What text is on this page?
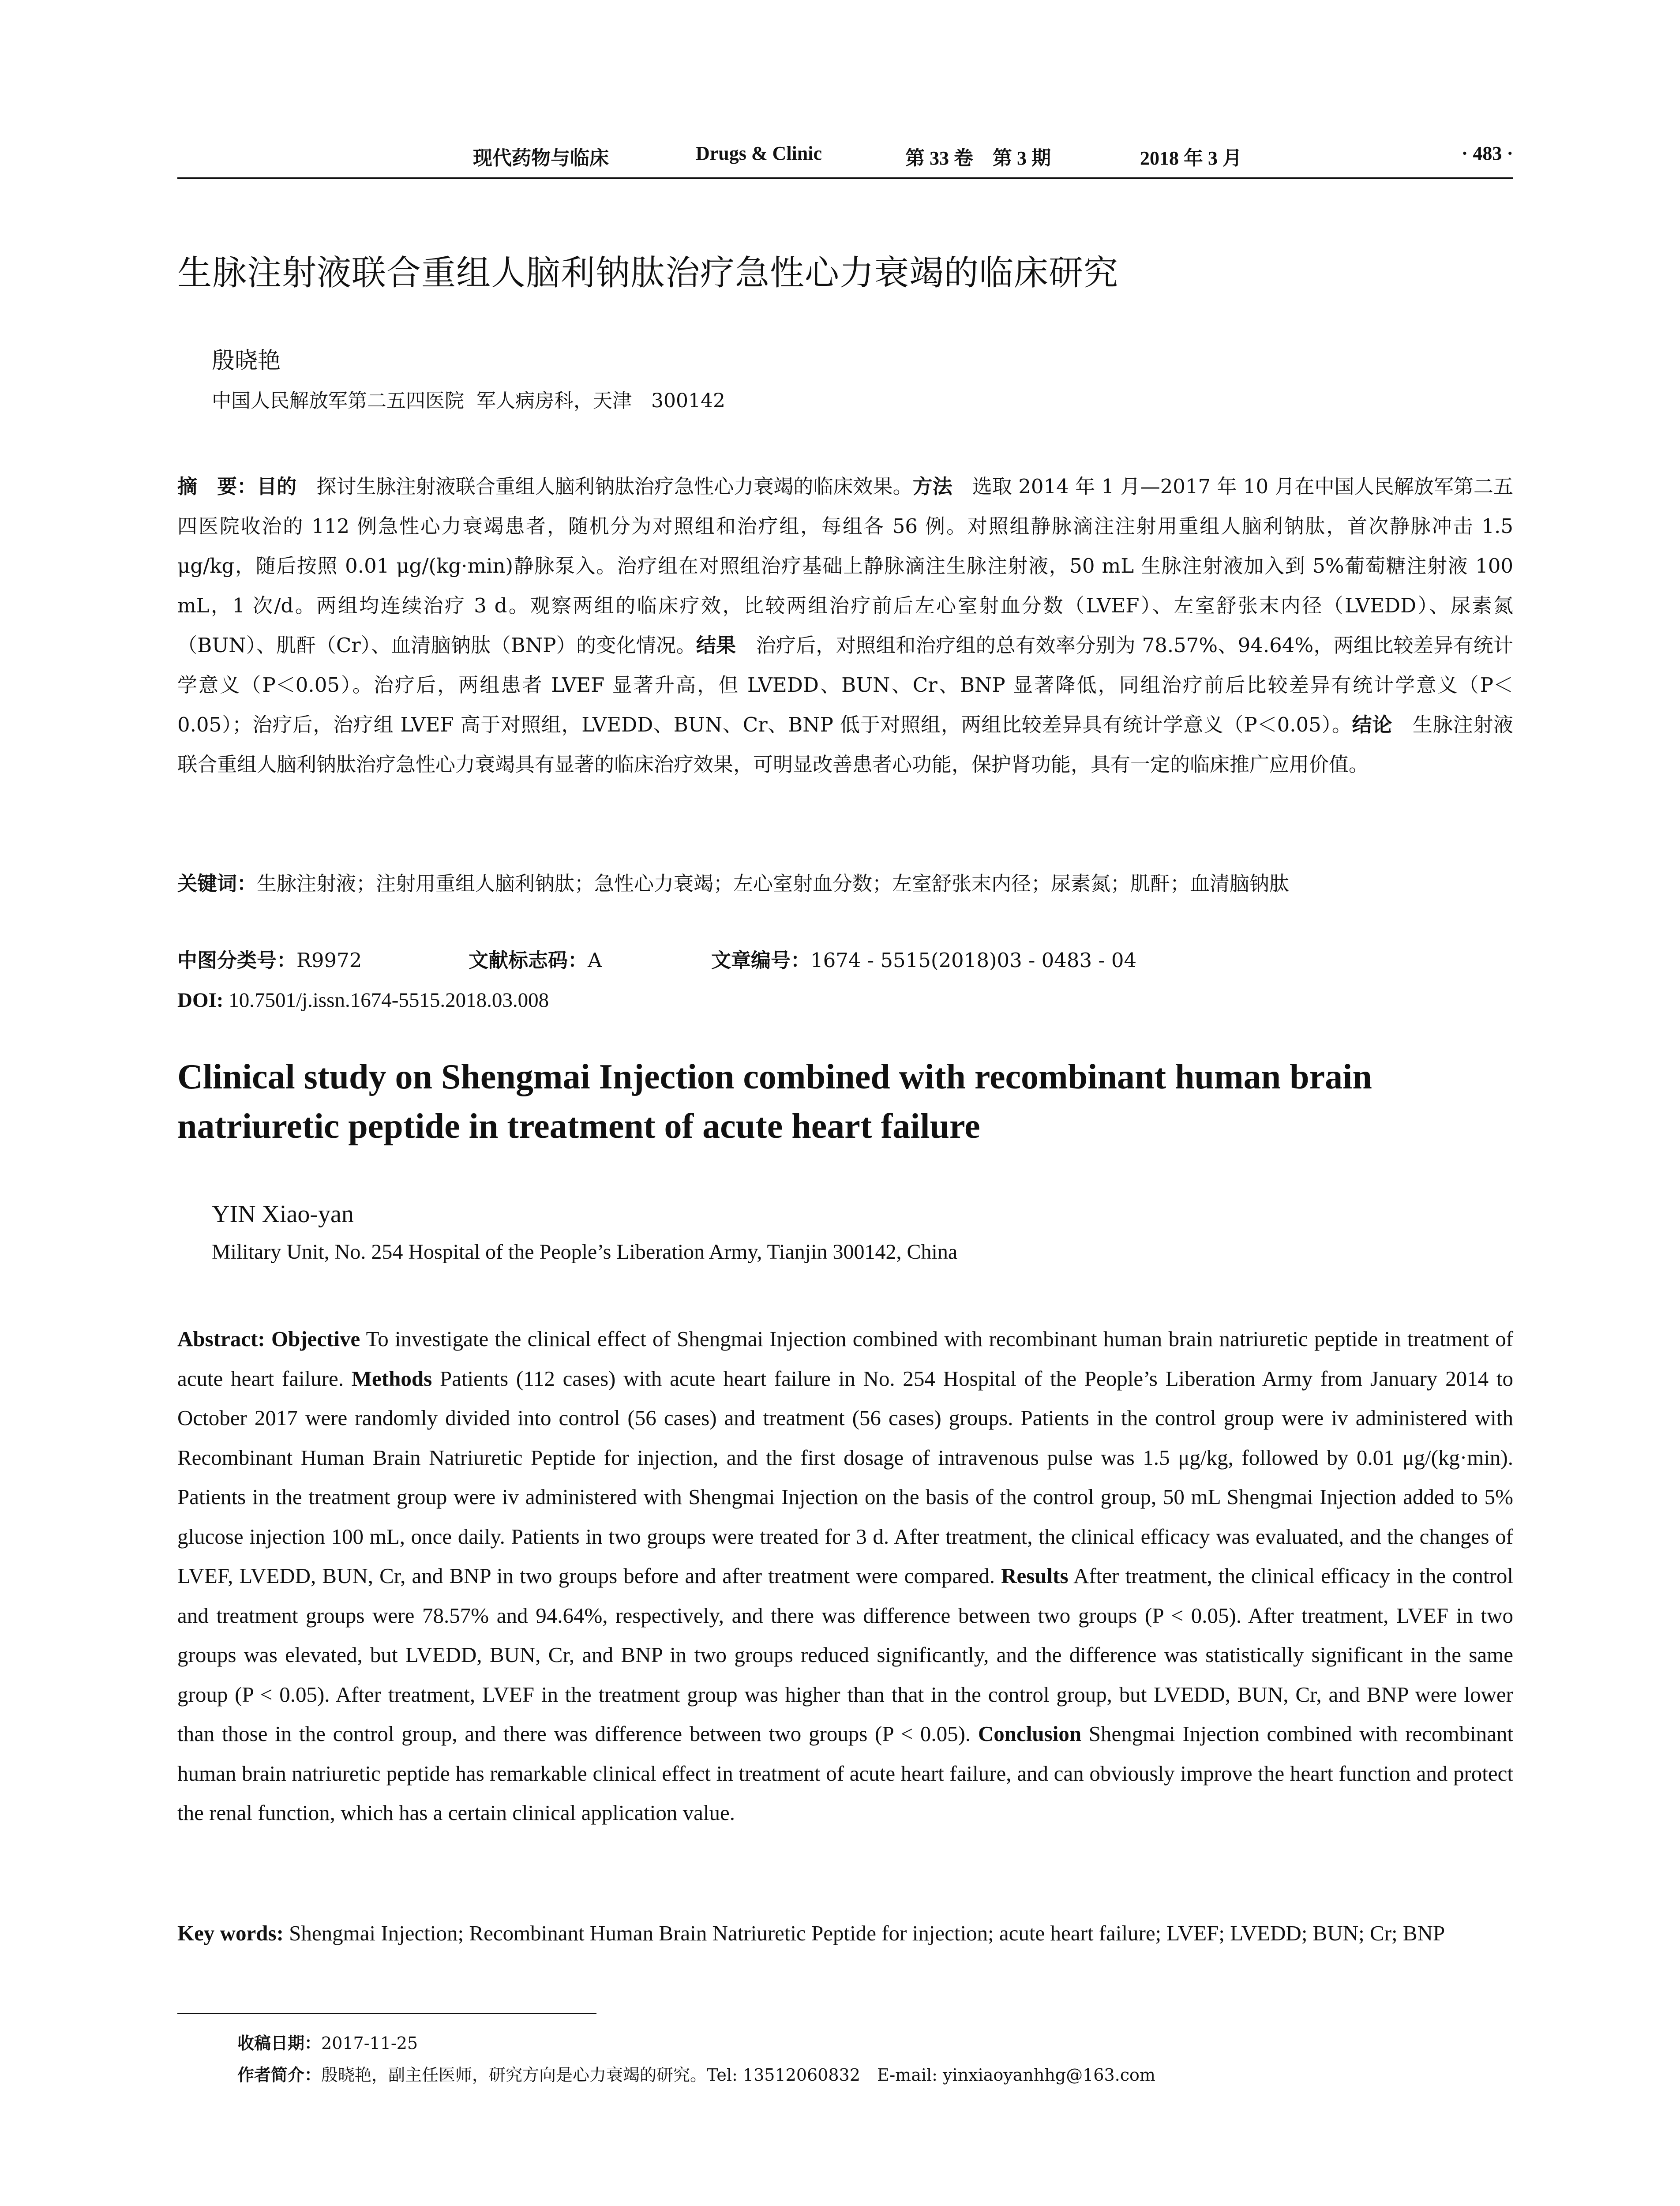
现代药物与临床	Drugs & Clinic	第 33 卷　第 3 期	2018 年 3 月	· 483 ·
生脉注射液联合重组人脑利钠肽治疗急性心力衰竭的临床研究
殷晓艳
中国人民解放军第二五四医院  军人病房科，天津　300142
摘　要：目的　探讨生脉注射液联合重组人脑利钠肽治疗急性心力衰竭的临床效果。方法　选取 2014 年 1 月—2017 年 10 月在中国人民解放军第二五四医院收治的 112 例急性心力衰竭患者，随机分为对照组和治疗组，每组各 56 例。对照组静脉滴注注射用重组人脑利钠肽，首次静脉冲击 1.5 μg/kg，随后按照 0.01 μg/(kg·min)静脉泵入。治疗组在对照组治疗基础上静脉滴注生脉注射液，50 mL 生脉注射液加入到 5%葡萄糖注射液 100 mL，1 次/d。两组均连续治疗 3 d。观察两组的临床疗效，比较两组治疗前后左心室射血分数（LVEF）、左室舒张末内径（LVEDD）、尿素氮（BUN）、肌酐（Cr）、血清脑钠肽（BNP）的变化情况。结果　治疗后，对照组和治疗组的总有效率分别为 78.57%、94.64%，两组比较差异有统计学意义（P＜0.05）。治疗后，两组患者 LVEF 显著升高，但 LVEDD、BUN、Cr、BNP 显著降低，同组治疗前后比较差异有统计学意义（P＜0.05）；治疗后，治疗组 LVEF 高于对照组，LVEDD、BUN、Cr、BNP 低于对照组，两组比较差异具有统计学意义（P＜0.05）。结论　生脉注射液联合重组人脑利钠肽治疗急性心力衰竭具有显著的临床治疗效果，可明显改善患者心功能，保护肾功能，具有一定的临床推广应用价值。
关键词：生脉注射液；注射用重组人脑利钠肽；急性心力衰竭；左心室射血分数；左室舒张末内径；尿素氮；肌酐；血清脑钠肽
中图分类号：R9972	文献标志码：A	文章编号：1674 - 5515(2018)03 - 0483 - 04
DOI: 10.7501/j.issn.1674-5515.2018.03.008
Clinical study on Shengmai Injection combined with recombinant human brain natriuretic peptide in treatment of acute heart failure
YIN Xiao-yan
Military Unit, No. 254 Hospital of the People’s Liberation Army, Tianjin 300142, China
Abstract: Objective To investigate the clinical effect of Shengmai Injection combined with recombinant human brain natriuretic peptide in treatment of acute heart failure. Methods Patients (112 cases) with acute heart failure in No. 254 Hospital of the People’s Liberation Army from January 2014 to October 2017 were randomly divided into control (56 cases) and treatment (56 cases) groups. Patients in the control group were iv administered with Recombinant Human Brain Natriuretic Peptide for injection, and the first dosage of intravenous pulse was 1.5 μg/kg, followed by 0.01 μg/(kg·min). Patients in the treatment group were iv administered with Shengmai Injection on the basis of the control group, 50 mL Shengmai Injection added to 5% glucose injection 100 mL, once daily. Patients in two groups were treated for 3 d. After treatment, the clinical efficacy was evaluated, and the changes of LVEF, LVEDD, BUN, Cr, and BNP in two groups before and after treatment were compared. Results After treatment, the clinical efficacy in the control and treatment groups were 78.57% and 94.64%, respectively, and there was difference between two groups (P < 0.05). After treatment, LVEF in two groups was elevated, but LVEDD, BUN, Cr, and BNP in two groups reduced significantly, and the difference was statistically significant in the same group (P < 0.05). After treatment, LVEF in the treatment group was higher than that in the control group, but LVEDD, BUN, Cr, and BNP were lower than those in the control group, and there was difference between two groups (P < 0.05). Conclusion Shengmai Injection combined with recombinant human brain natriuretic peptide has remarkable clinical effect in treatment of acute heart failure, and can obviously improve the heart function and protect the renal function, which has a certain clinical application value.
Key words: Shengmai Injection; Recombinant Human Brain Natriuretic Peptide for injection; acute heart failure; LVEF; LVEDD; BUN; Cr; BNP
收稿日期：2017-11-25
作者简介：殷晓艳，副主任医师，研究方向是心力衰竭的研究。Tel: 13512060832　E-mail: yinxiaoyanhhg@163.com
